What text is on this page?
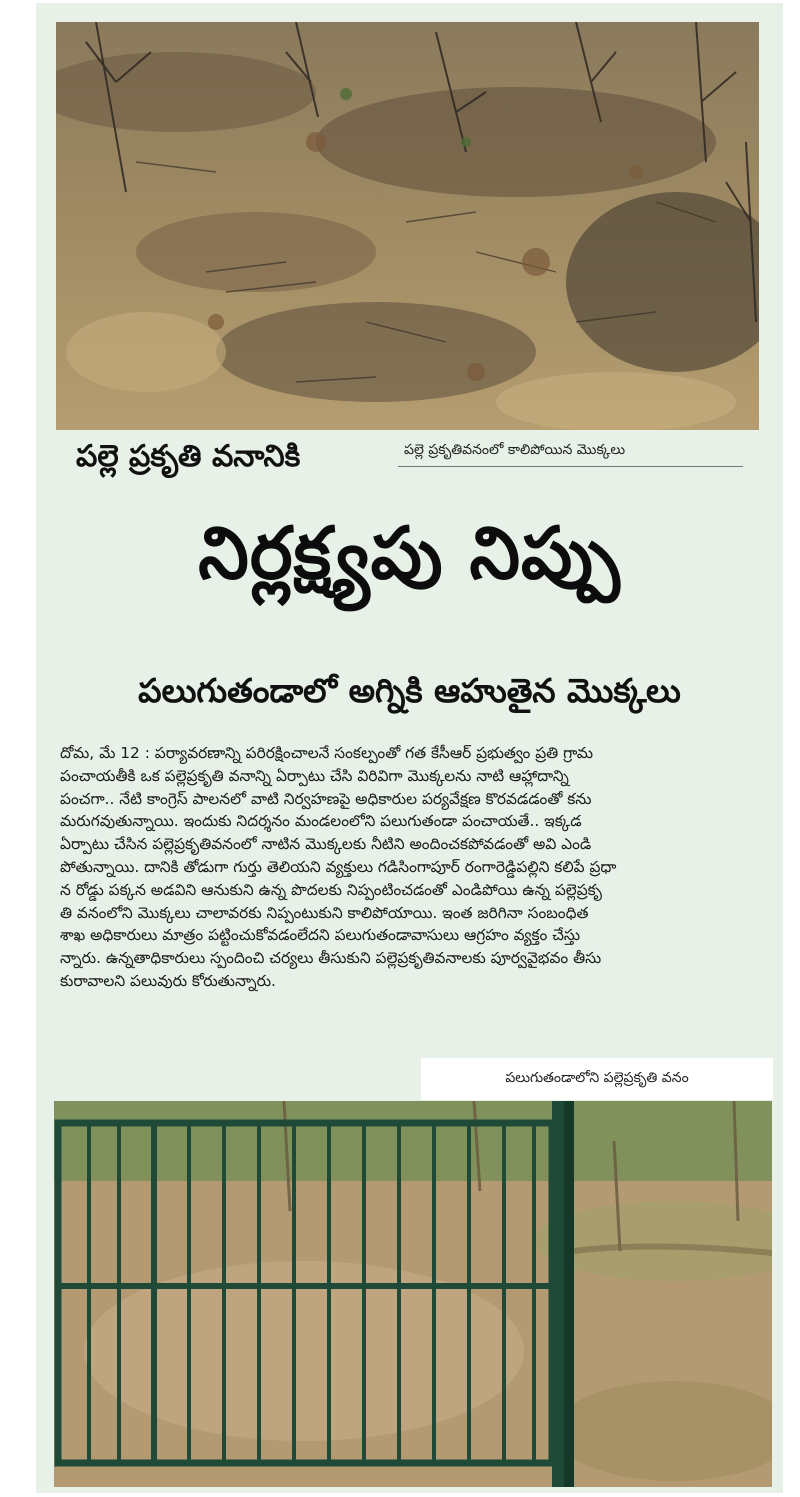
పల్లె ప్రకృతి వనానికి	పల్లె ప్రకృతివనంలో కాలిపోయిన మొక్కలు
నిర్లక్ష్యపు నిప్పు
పలుగుతండాలో అగ్నికి ఆహుతైన మొక్కలు
దోమ, మే 12 : పర్యావరణాన్ని పరిరక్షించాలనే సంకల్పంతో గత కేసీఆర్ ప్రభుత్వం ప్రతి గ్రామ
పంచాయతీకి ఒక పల్లెప్రకృతి వనాన్ని ఏర్పాటు చేసి విరివిగా మొక్కలను నాటి ఆహ్లాదాన్ని
పంచగా.. నేటి కాంగ్రెస్ పాలనలో వాటి నిర్వహణపై అధికారుల పర్యవేక్షణ కొరవడడంతో కను
మరుగవుతున్నాయి. ఇందుకు నిదర్శనం మండలంలోని పలుగుతండా పంచాయతే.. ఇక్కడ
ఏర్పాటు చేసిన పల్లెప్రకృతివనంలో నాటిన మొక్కలకు నీటిని అందించకపోవడంతో అవి ఎండి
పోతున్నాయి. దానికి తోడుగా గుర్తు తెలియని వ్యక్తులు గడిసింగాపూర్ రంగారెడ్డిపల్లిని కలిపే ప్రధా
న రోడ్డు పక్కన అడవిని ఆనుకుని ఉన్న పొదలకు నిప్పంటించడంతో ఎండిపోయి ఉన్న పల్లెప్రకృ
తి వనంలోని మొక్కలు చాలావరకు నిప్పంటుకుని కాలిపోయాయి. ఇంత జరిగినా సంబంధిత
శాఖ అధికారులు మాత్రం పట్టించుకోవడంలేదని పలుగుతండావాసులు ఆగ్రహం వ్యక్తం చేస్తు
న్నారు. ఉన్నతాధికారులు స్పందించి చర్యలు తీసుకుని పల్లెప్రకృతివనాలకు పూర్వవైభవం తీసు
కురావాలని పలువురు కోరుతున్నారు.
పలుగుతండాలోని పల్లెప్రకృతి వనం
